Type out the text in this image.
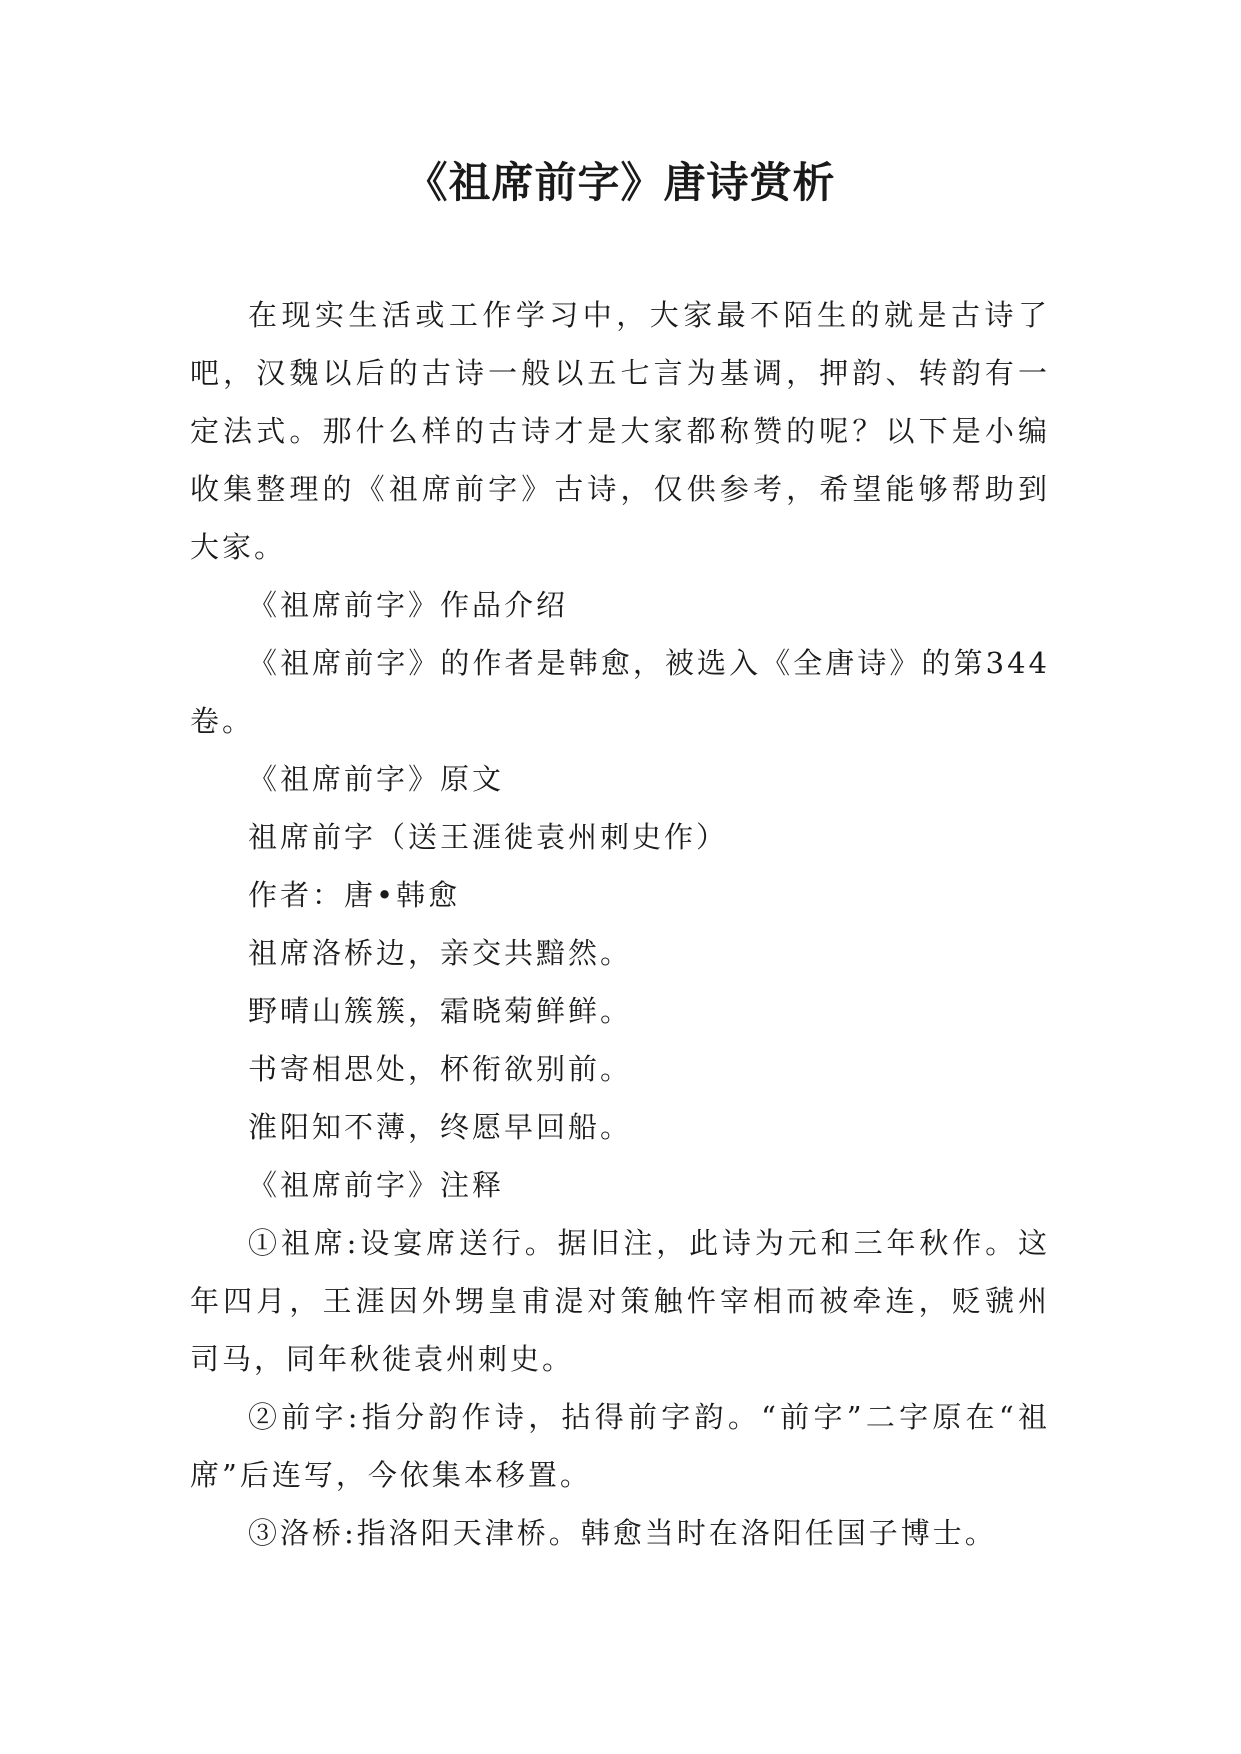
《祖席前字》唐诗赏析

在现实生活或工作学习中，大家最不陌生的就是古诗了吧，汉魏以后的古诗一般以五七言为基调，押韵、转韵有一定法式。那什么样的古诗才是大家都称赞的呢？以下是小编收集整理的《祖席前字》古诗，仅供参考，希望能够帮助到大家。

《祖席前字》作品介绍

《祖席前字》的作者是韩愈，被选入《全唐诗》的第344卷。

《祖席前字》原文

祖席前字（送王涯徙袁州刺史作）

作者：唐•韩愈

祖席洛桥边，亲交共黯然。

野晴山簇簇，霜晓菊鲜鲜。

书寄相思处，杯衔欲别前。

淮阳知不薄，终愿早回船。

《祖席前字》注释

①祖席:设宴席送行。据旧注，此诗为元和三年秋作。这年四月，王涯因外甥皇甫湜对策触忤宰相而被牵连，贬虢州司马，同年秋徙袁州刺史。

②前字:指分韵作诗，拈得前字韵。“前字”二字原在“祖席”后连写，今依集本移置。

③洛桥:指洛阳天津桥。韩愈当时在洛阳任国子博士。
